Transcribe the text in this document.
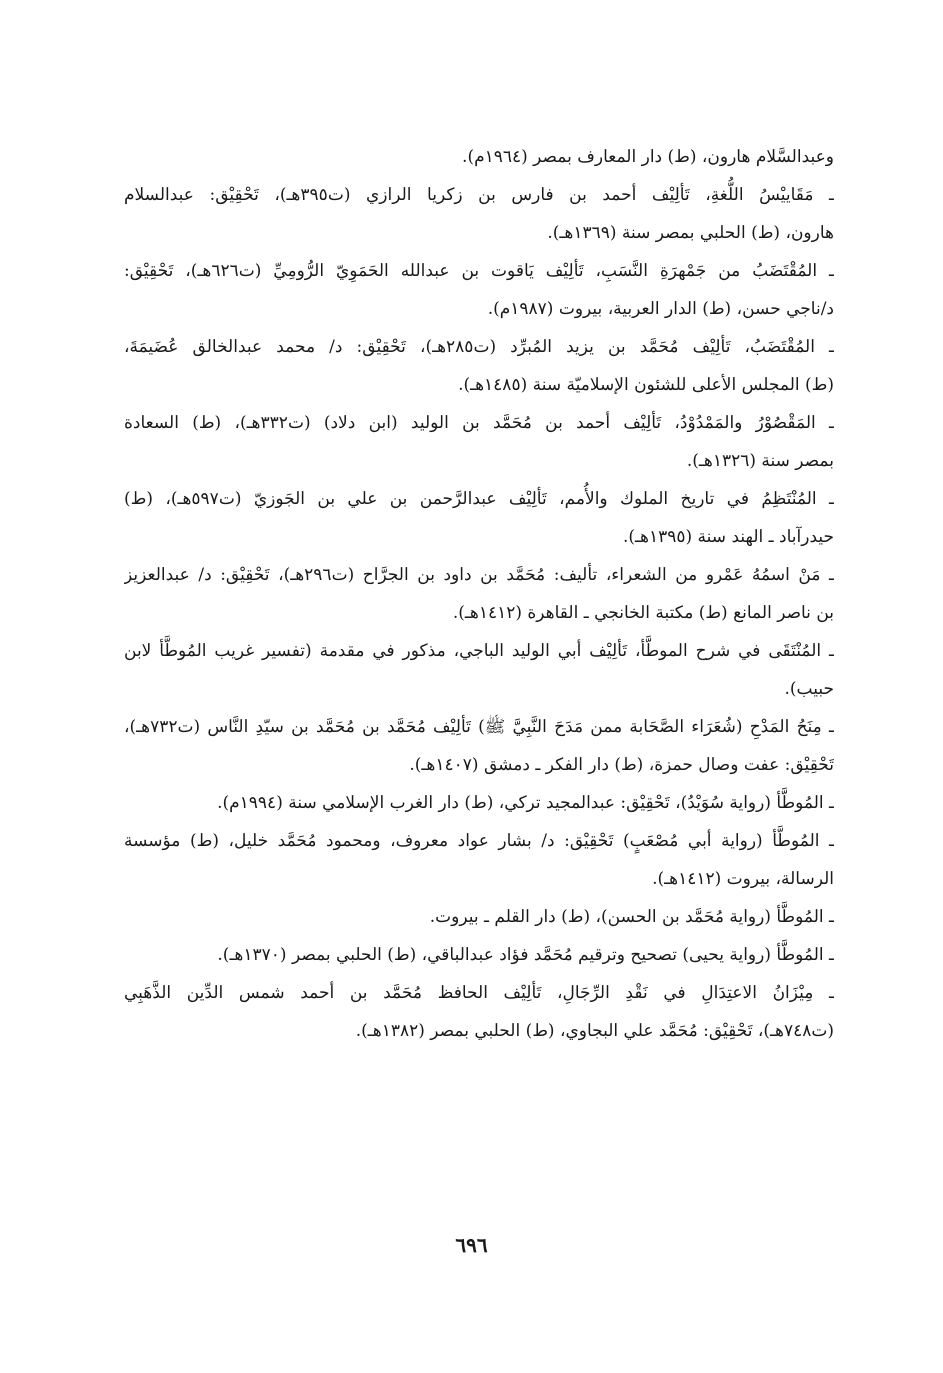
وعبدالسَّلام هارون، (ط) دار المعارف بمصر (١٩٦٤م).
ـ مَقَاييْسُ اللُّغةِ، تَألِيْف أحمد بن فارس بن زكريا الرازي (ت٣٩٥هـ)، تَحْقِيْق: عبدالسلام
هارون، (ط) الحلبي بمصر سنة (١٣٦٩هـ).
ـ المُقْتَضَبُ من جَمْهرَةِ النَّسَبِ، تَألِيْف يَاقوت بن عبدالله الحَمَوِيّ الرُّومِيِّ (ت٦٢٦هـ)، تَحْقِيْق:
د/ناجي حسن، (ط) الدار العربية، بيروت (١٩٨٧م).
ـ المُقْتَضَبُ، تَألِيْف مُحَمَّد بن يزيد المُبرِّد (ت٢٨٥هـ)، تَحْقِيْق: د/ محمد عبدالخالق عُضَيمَةَ،
(ط) المجلس الأعلى للشئون الإسلاميّة سنة (١٤٨٥هـ).
ـ المَقْصُوْرُ والمَمْدُوْدُ، تَألِيْف أحمد بن مُحَمَّد بن الوليد (ابن دلاد) (ت٣٣٢هـ)، (ط) السعادة
بمصر سنة (١٣٢٦هـ).
ـ المُنْتَظِمُ في تاريخ الملوك والأُمم، تَألِيْف عبدالرَّحمن بن علي بن الجَوزيّ (ت٥٩٧هـ)، (ط)
حيدرآباد ـ الهند سنة (١٣٩٥هـ).
ـ مَنْ اسمُهُ عَمْرو من الشعراء، تأليف: مُحَمَّد بن داود بن الجرَّاح (ت٢٩٦هـ)، تَحْقِيْق: د/ عبدالعزيز
بن ناصر المانع (ط) مكتبة الخانجي ـ القاهرة (١٤١٢هـ).
ـ المُنْتَقَى في شرح الموطَّأ، تَألِيْف أبي الوليد الباجي، مذكور في مقدمة (تفسير غريب المُوطَّأ لابن
حبيب).
ـ مِنَحُ المَدْحِ (شُعَرَاء الصَّحَابة ممن مَدَحَ النَّبِيَّ ﷺ) تَألِيْف مُحَمَّد بن مُحَمَّد بن سيّدِ النَّاس (ت٧٣٢هـ)،
تَحْقِيْق: عفت وصال حمزة، (ط) دار الفكر ـ دمشق (١٤٠٧هـ).
ـ المُوطَّأ (رواية سُوَيْدُ)، تَحْقِيْق: عبدالمجيد تركي، (ط) دار الغرب الإسلامي سنة (١٩٩٤م).
ـ المُوطَّأ (رواية أبي مُصْعَبٍ) تَحْقِيْق: د/ بشار عواد معروف، ومحمود مُحَمَّد خليل، (ط) مؤسسة
الرسالة، بيروت (١٤١٢هـ).
ـ المُوطَّأ (رواية مُحَمَّد بن الحسن)، (ط) دار القلم ـ بيروت.
ـ المُوطَّأ (رواية يحيى) تصحيح وترقيم مُحَمَّد فؤاد عبدالباقي، (ط) الحلبي بمصر (١٣٧٠هـ).
ـ مِيْزَانُ الاعتِدَالِ في نَقْدِ الرِّجَالِ، تَألِيْف الحافظ مُحَمَّد بن أحمد شمس الدِّين الذَّهَبِي
(ت٧٤٨هـ)، تَحْقِيْق: مُحَمَّد علي البجاوي، (ط) الحلبي بمصر (١٣٨٢هـ).
٦٩٦
